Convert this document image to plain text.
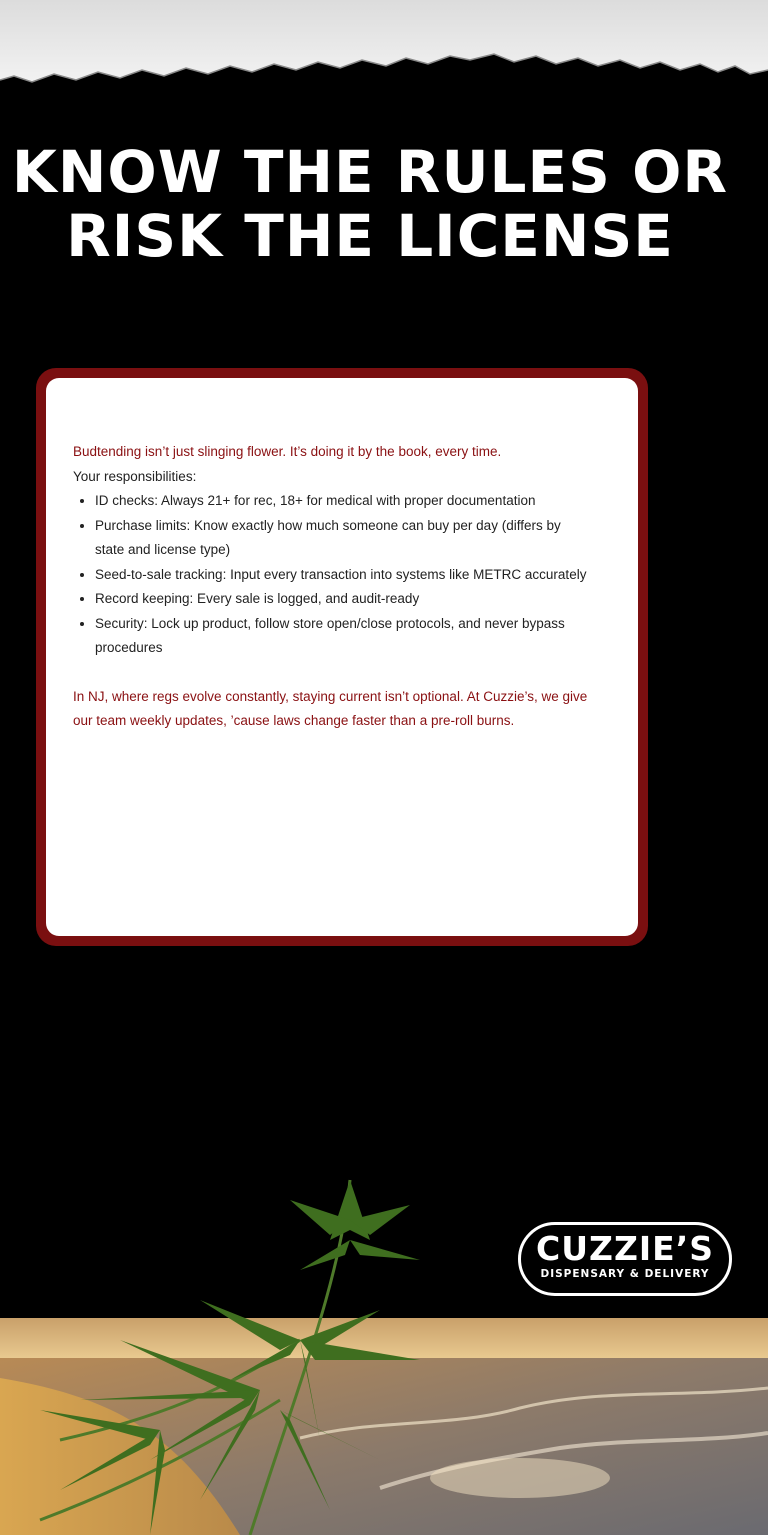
KNOW THE RULES OR
RISK THE LICENSE

Budtending isn’t just slinging flower. It’s doing it by the book, every time.

Your responsibilities:

• ID checks: Always 21+ for rec, 18+ for medical with proper documentation
• Purchase limits: Know exactly how much someone can buy per day (differs by state and license type)
• Seed-to-sale tracking: Input every transaction into systems like METRC accurately
• Record keeping: Every sale is logged, and audit-ready
• Security: Lock up product, follow store open/close protocols, and never bypass procedures

In NJ, where regs evolve constantly, staying current isn’t optional. At Cuzzie’s, we give our team weekly updates, ’cause laws change faster than a pre-roll burns.

CUZZIE’S
DISPENSARY & DELIVERY
